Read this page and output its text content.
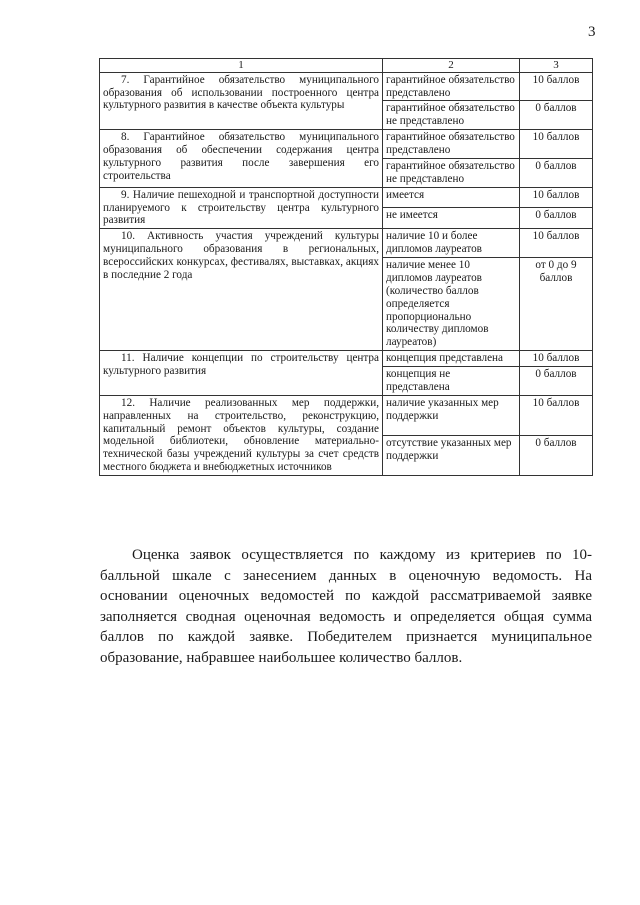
3
1	2	3
7. Гарантийное обязательство муниципального образования об использовании построенного центра культурного развития в качестве объекта культуры	гарантийное обязательство представлено	10 баллов
	гарантийное обязательство не представлено	0 баллов
8. Гарантийное обязательство муниципального образования об обеспечении содержания центра культурного развития после завершения его строительства	гарантийное обязательство представлено	10 баллов
	гарантийное обязательство не представлено	0 баллов
9. Наличие пешеходной и транспортной доступности планируемого к строительству центра культурного развития	имеется	10 баллов
	не имеется	0 баллов
10. Активность участия учреждений культуры муниципального образования в региональных, всероссийских конкурсах, фестивалях, выставках, акциях в последние 2 года	наличие 10 и более дипломов лауреатов	10 баллов
	наличие менее 10 дипломов лауреатов (количество баллов определяется пропорционально количеству дипломов лауреатов)	от 0 до 9 баллов
11. Наличие концепции по строительству центра культурного развития	концепция представлена	10 баллов
	концепция не представлена	0 баллов
12. Наличие реализованных мер поддержки, направленных на строительство, реконструкцию, капитальный ремонт объектов культуры, создание модельной библиотеки, обновление материально-технической базы учреждений культуры за счет средств местного бюджета и внебюджетных источников	наличие указанных мер поддержки	10 баллов
	отсутствие указанных мер поддержки	0 баллов

Оценка заявок осуществляется по каждому из критериев по 10-балльной шкале с занесением данных в оценочную ведомость. На основании оценочных ведомостей по каждой рассматриваемой заявке заполняется сводная оценочная ведомость и определяется общая сумма баллов по каждой заявке. Победителем признается муниципальное образование, набравшее наибольшее количество баллов.
